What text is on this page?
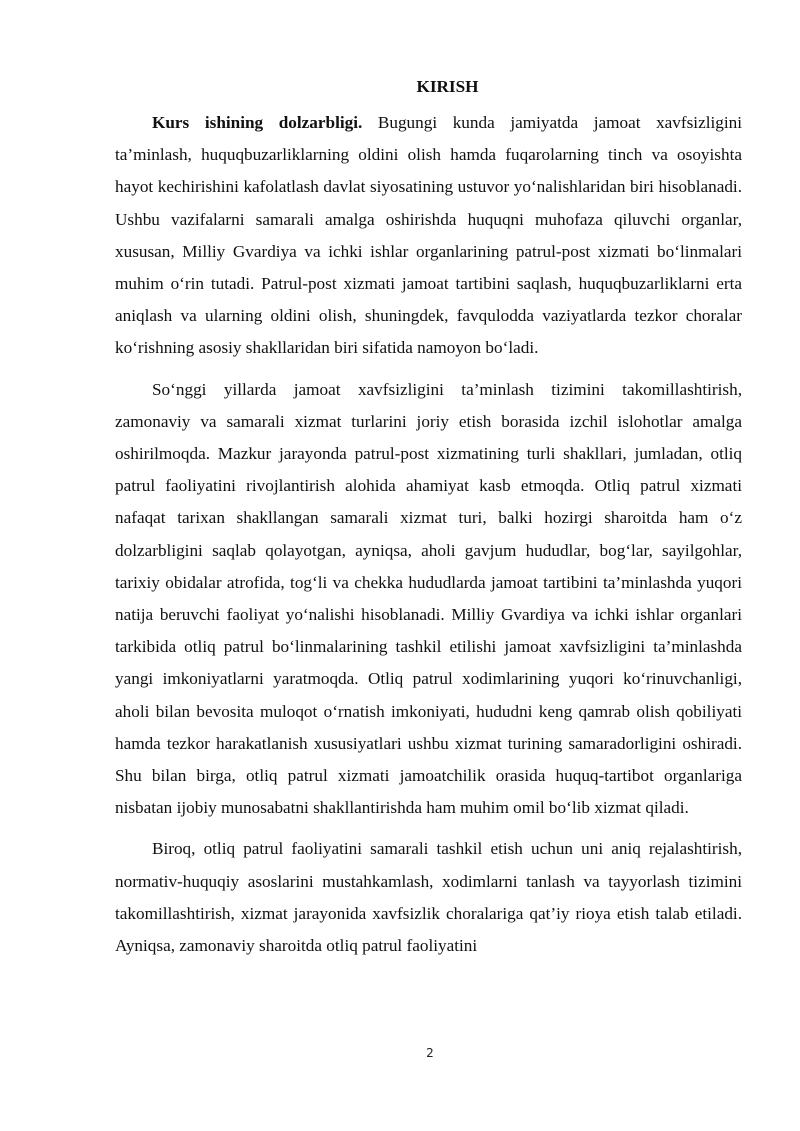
KIRISH

Kurs ishining dolzarbligi. Bugungi kunda jamiyatda jamoat xavfsizligini ta’minlash, huquqbuzarliklarning oldini olish hamda fuqarolarning tinch va osoyishta hayot kechirishini kafolatlash davlat siyosatining ustuvor yo‘nalishlaridan biri hisoblanadi. Ushbu vazifalarni samarali amalga oshirishda huquqni muhofaza qiluvchi organlar, xususan, Milliy Gvardiya va ichki ishlar organlarining patrul-post xizmati bo‘linmalari muhim o‘rin tutadi. Patrul-post xizmati jamoat tartibini saqlash, huquqbuzarliklarni erta aniqlash va ularning oldini olish, shuningdek, favqulodda vaziyatlarda tezkor choralar ko‘rishning asosiy shakllaridan biri sifatida namoyon bo‘ladi.

So‘nggi yillarda jamoat xavfsizligini ta’minlash tizimini takomillashtirish, zamonaviy va samarali xizmat turlarini joriy etish borasida izchil islohotlar amalga oshirilmoqda. Mazkur jarayonda patrul-post xizmatining turli shakllari, jumladan, otliq patrul faoliyatini rivojlantirish alohida ahamiyat kasb etmoqda. Otliq patrul xizmati nafaqat tarixan shakllangan samarali xizmat turi, balki hozirgi sharoitda ham o‘z dolzarbligini saqlab qolayotgan, ayniqsa, aholi gavjum hududlar, bog‘lar, sayilgohlar, tarixiy obidalar atrofida, tog‘li va chekka hududlarda jamoat tartibini ta’minlashda yuqori natija beruvchi faoliyat yo‘nalishi hisoblanadi. Milliy Gvardiya va ichki ishlar organlari tarkibida otliq patrul bo‘linmalarining tashkil etilishi jamoat xavfsizligini ta’minlashda yangi imkoniyatlarni yaratmoqda. Otliq patrul xodimlarining yuqori ko‘rinuvchanligi, aholi bilan bevosita muloqot o‘rnatish imkoniyati, hududni keng qamrab olish qobiliyati hamda tezkor harakatlanish xususiyatlari ushbu xizmat turining samaradorligini oshiradi. Shu bilan birga, otliq patrul xizmati jamoatchilik orasida huquq-tartibot organlariga nisbatan ijobiy munosabatni shakllantirishda ham muhim omil bo‘lib xizmat qiladi.

Biroq, otliq patrul faoliyatini samarali tashkil etish uchun uni aniq rejalashtirish, normativ-huquqiy asoslarini mustahkamlash, xodimlarni tanlash va tayyorlash tizimini takomillashtirish, xizmat jarayonida xavfsizlik choralariga qat’iy rioya etish talab etiladi. Ayniqsa, zamonaviy sharoitda otliq patrul faoliyatini

2
